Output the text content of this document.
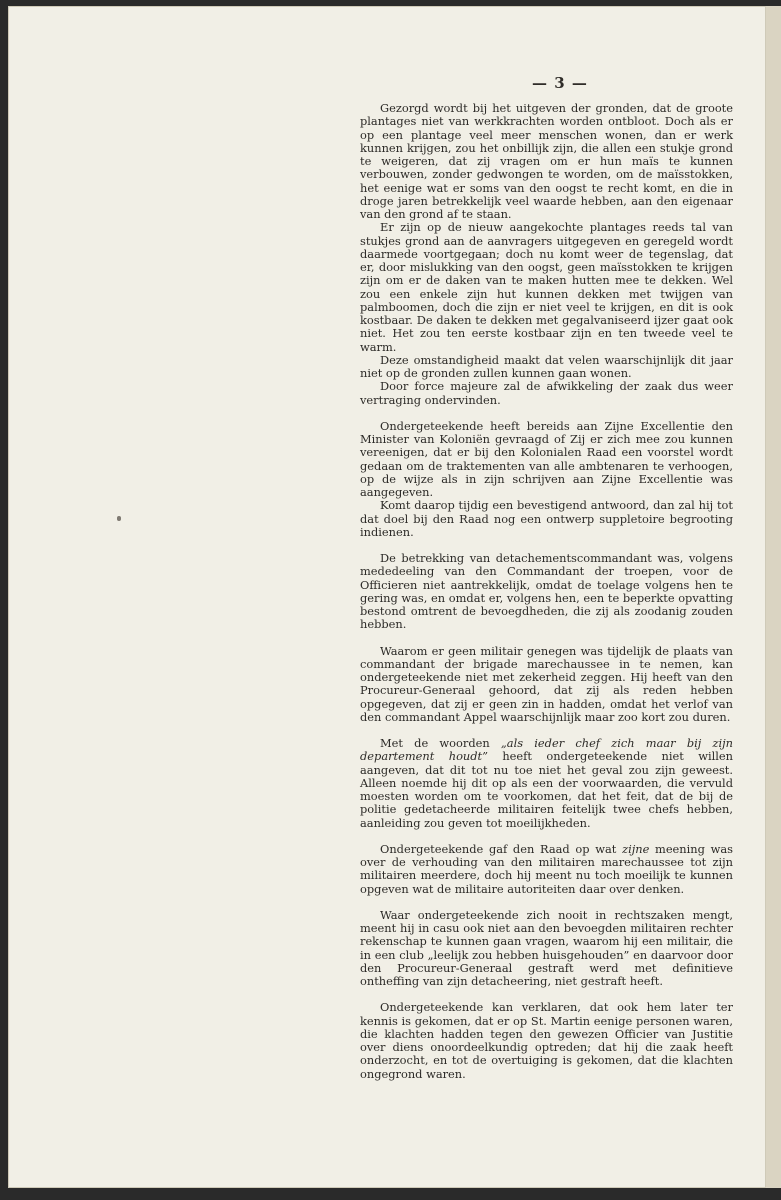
— 3 —

Gezorgd wordt bij het uitgeven der gronden, dat de groote plantages niet van werkkrachten worden ontbloot. Doch als er op een plantage veel meer menschen wonen, dan er werk kunnen krijgen, zou het onbillijk zijn, die allen een stukje grond te weigeren, dat zij vragen om er hun maïs te kunnen verbouwen, zonder gedwongen te worden, om de maïsstokken, het eenige wat er soms van den oogst te recht komt, en die in droge jaren betrekkelijk veel waarde hebben, aan den eigenaar van den grond af te staan.

Er zijn op de nieuw aangekochte plantages reeds tal van stukjes grond aan de aanvragers uitgegeven en geregeld wordt daarmede voortgegaan; doch nu komt weer de tegenslag, dat er, door mislukking van den oogst, geen maïsstokken te krijgen zijn om er de daken van te maken hutten mee te dekken. Wel zou een enkele zijn hut kunnen dekken met twijgen van palmboomen, doch die zijn er niet veel te krijgen, en dit is ook kostbaar. De daken te dekken met gegalvaniseerd ijzer gaat ook niet. Het zou ten eerste kostbaar zijn en ten tweede veel te warm.

Deze omstandigheid maakt dat velen waarschijnlijk dit jaar niet op de gronden zullen kunnen gaan wonen.

Door force majeure zal de afwikkeling der zaak dus weer vertraging ondervinden.

Ondergeteekende heeft bereids aan Zijne Excellentie den Minister van Koloniën gevraagd of Zij er zich mee zou kunnen vereenigen, dat er bij den Kolonialen Raad een voorstel wordt gedaan om de traktementen van alle ambtenaren te verhoogen, op de wijze als in zijn schrijven aan Zijne Excellentie was aangegeven.

Komt daarop tijdig een bevestigend antwoord, dan zal hij tot dat doel bij den Raad nog een ontwerp suppletoire begrooting indienen.

De betrekking van detachementscommandant was, volgens mededeeling van den Commandant der troepen, voor de Officieren niet aantrekkelijk, omdat de toelage volgens hen te gering was, en omdat er, volgens hen, een te beperkte opvatting bestond omtrent de bevoegdheden, die zij als zoodanig zouden hebben.

Waarom er geen militair genegen was tijdelijk de plaats van commandant der brigade marechaussee in te nemen, kan ondergeteekende niet met zekerheid zeggen. Hij heeft van den Procureur-Generaal gehoord, dat zij als reden hebben opgegeven, dat zij er geen zin in hadden, omdat het verlof van den commandant Appel waarschijnlijk maar zoo kort zou duren.

Met de woorden „als ieder chef zich maar bij zijn departement houdt” heeft ondergeteekende niet willen aangeven, dat dit tot nu toe niet het geval zou zijn geweest. Alleen noemde hij dit op als een der voorwaarden, die vervuld moesten worden om te voorkomen, dat het feit, dat de bij de politie gedetacheerde militairen feitelijk twee chefs hebben, aanleiding zou geven tot moeilijkheden.

Ondergeteekende gaf den Raad op wat zijne meening was over de verhouding van den militairen marechaussee tot zijn militairen meerdere, doch hij meent nu toch moeilijk te kunnen opgeven wat de militaire autoriteiten daar over denken.

Waar ondergeteekende zich nooit in rechtszaken mengt, meent hij in casu ook niet aan den bevoegden militairen rechter rekenschap te kunnen gaan vragen, waarom hij een militair, die in een club „leelijk zou hebben huisgehouden” en daarvoor door den Procureur-Generaal gestraft werd met definitieve ontheffing van zijn detacheering, niet gestraft heeft.

Ondergeteekende kan verklaren, dat ook hem later ter kennis is gekomen, dat er op St. Martin eenige personen waren, die klachten hadden tegen den gewezen Officier van Justitie over diens onoordeelkundig optreden; dat hij die zaak heeft onderzocht, en tot de overtuiging is gekomen, dat die klachten ongegrond waren.
